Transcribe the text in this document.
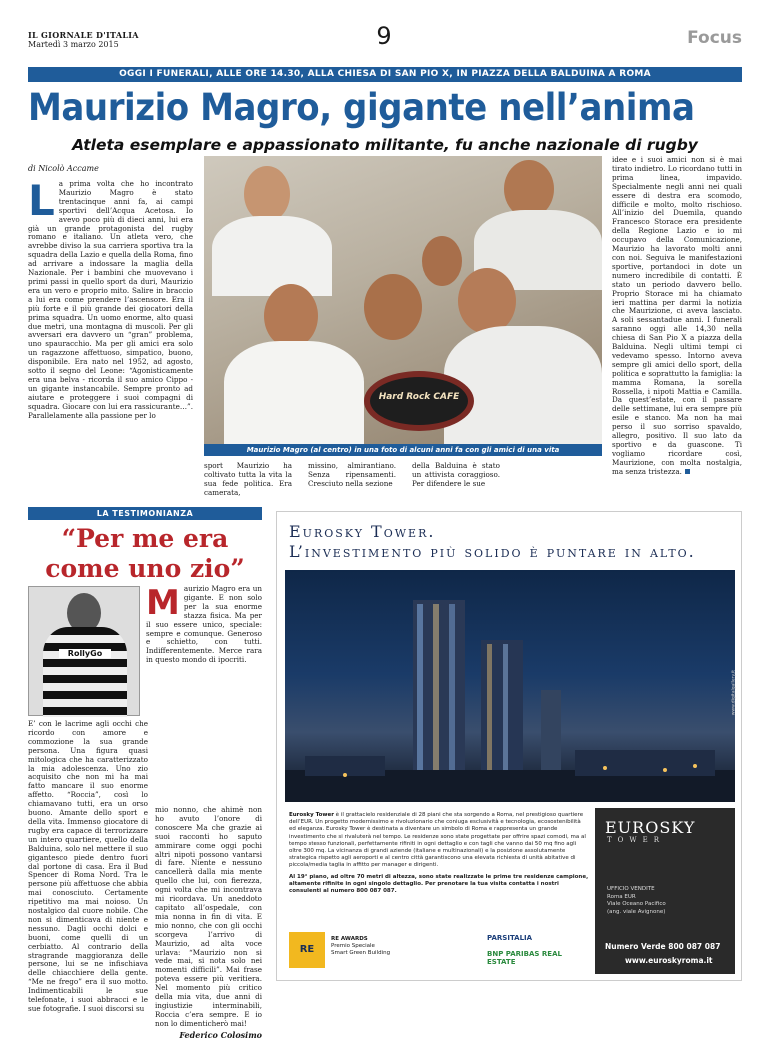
IL GIORNALE D'ITALIA
Martedì 3 marzo 2015	9	Focus
OGGI I FUNERALI, ALLE ORE 14.30, ALLA CHIESA DI SAN PIO X, IN PIAZZA DELLA BALDUINA A ROMA
Maurizio Magro, gigante nell’anima
Atleta esemplare e appassionato militante, fu anche nazionale di rugby
di Nicolò Accame
L a prima volta che ho incontrato Maurizio Magro è stato trentacinque anni fa, ai campi sportivi dell’Acqua Acetosa. Io avevo poco più di dieci anni, lui era già un grande protagonista del rugby romano e italiano. Un atleta vero, che avrebbe diviso la sua carriera sportiva tra la squadra della Lazio e quella della Roma, fino ad arrivare a indossare la maglia della Nazionale. Per i bambini che muovevano i primi passi in quello sport da duri, Maurizio era un vero e proprio mito. Salire in braccio a lui era come prendere l’ascensore. Era il più forte e il più grande dei giocatori della prima squadra. Un uomo enorme, alto quasi due metri, una montagna di muscoli. Per gli avversari era davvero un “gran” problema, uno spauracchio. Ma per gli amici era solo un ragazzone affettuoso, simpatico, buono, disponibile. Era nato nel 1952, ad agosto, sotto il segno del Leone: “Agonisticamente era una belva - ricorda il suo amico Cippo - un gigante instancabile. Sempre pronto ad aiutare e proteggere i suoi compagni di squadra. Giocare con lui era rassicurante…”. Parallelamente alla passione per lo
Hard Rock CAFE
Maurizio Magro (al centro) in una foto di alcuni anni fa con gli amici di una vita
sport Maurizio ha coltivato tutta la vita la sua fede politica. Era camerata,
missino, almirantiano. Senza ripensamenti. Cresciuto nella sezione
della Balduina è stato un attivista coraggioso. Per difendere le sue
idee e i suoi amici non si è mai tirato indietro. Lo ricordano tutti in prima linea, impavido. Specialmente negli anni nei quali essere di destra era scomodo, difficile e molto, molto rischioso. All’inizio del Duemila, quando Francesco Storace era presidente della Regione Lazio e io mi occupavo della Comunicazione, Maurizio ha lavorato molti anni con noi. Seguiva le manifestazioni sportive, portandoci in dote un numero incredibile di contatti. È stato un periodo davvero bello. Proprio Storace mi ha chiamato ieri mattina per darmi la notizia che Maurizione, ci aveva lasciato. A soli sessantadue anni. I funerali saranno oggi alle 14,30 nella chiesa di San Pio X a piazza della Balduina. Negli ultimi tempi ci vedevamo spesso. Intorno aveva sempre gli amici dello sport, della politica e soprattutto la famiglia: la mamma Romana, la sorella Rossella, i nipoti Mattia e Camilla. Da quest’estate, con il passare delle settimane, lui era sempre più esile e stanco. Ma non ha mai perso il suo sorriso spavaldo, allegro, positivo. Il suo lato da sportivo e da guascone. Ti vogliamo ricordare così, Maurizione, con molta nostalgia, ma senza tristezza.
LA TESTIMONIANZA
“Per me era come uno zio”
RollyGo
M aurizio Magro era un gigante. E non solo per la sua enorme stazza fisica. Ma per il suo essere unico, speciale: sempre e comunque. Generoso e schietto, con tutti. Indifferentemente. Merce rara in questo mondo di ipocriti.
E’ con le lacrime agli occhi che ricordo con amore e commozione la sua grande persona. Una figura quasi mitologica che ha caratterizzato la mia adolescenza. Uno zio acquisito che non mi ha mai fatto mancare il suo enorme affetto. “Roccia”, così lo chiamavano tutti, era un orso buono. Amante dello sport e della vita. Immenso giocatore di rugby era capace di terrorizzare un intero quartiere, quello della Balduina, solo nel mettere il suo gigantesco piede dentro fuori dal portone di casa. Era il Bud Spencer di Roma Nord. Tra le persone più affettuose che abbia mai conosciuto. Certamente ripetitivo ma mai noioso. Un nostalgico dal cuore nobile. Che non si dimenticava di niente e nessuno. Dagli occhi dolci e buoni, come quelli di un cerbiatto. Al contrario della stragrande maggioranza delle persone, lui se ne infischiava delle chiacchiere della gente. “Me ne frego” era il suo motto. Indimenticabili le sue telefonate, i suoi abbracci e le sue fotografie. I suoi discorsi su
mio nonno, che ahimè non ho avuto l’onore di conoscere Ma che grazie ai suoi racconti ho saputo ammirare come oggi pochi altri nipoti possono vantarsi di fare. Niente e nessuno cancellerà dalla mia mente quello che lui, con fierezza, ogni volta che mi incontrava mi ricordava. Un aneddoto capitato all’ospedale, con mia nonna in fin di vita. E mio nonno, che con gli occhi scorgeva l’arrivo di Maurizio, ad alta voce urlava: “Maurizio non si vede mai, si nota solo nei momenti difficili”. Mai frase poteva essere più veritiera. Nel momento più critico della mia vita, due anni di ingiustizie interminabili, Roccia c’era sempre. E io non lo dimenticherò mai!
Federico Colosimo
Eurosky Tower.
L’investimento più solido è puntare in alto.
www.digitalgallery.it
Eurosky Tower è il grattacielo residenziale di 28 piani che sta sorgendo a Roma, nel prestigioso quartiere dell’EUR. Un progetto modernissimo e rivoluzionario che coniuga esclusività e tecnologia, ecosostenibilità ed eleganza. Eurosky Tower è destinata a diventare un simbolo di Roma e rappresenta un grande investimento che si rivaluterà nel tempo. Le residenze sono state progettate per offrire spazi comodi, ma al tempo stesso funzionali, perfettamente rifiniti in ogni dettaglio e con tagli che vanno dai 50 mq fino agli oltre 300 mq. La vicinanza di grandi aziende (italiane e multinazionali) e la posizione assolutamente strategica rispetto agli aeroporti e al centro città garantiscono una elevata richiesta di unità abitative di piccola/media taglia in affitto per manager e dirigenti.
Al 19° piano, ad oltre 70 metri di altezza, sono state realizzate le prime tre residenze campione, altamente rifinite in ogni singolo dettaglio. Per prenotare la tua visita contatta i nostri consulenti al numero 800 087 087.
EUROSKY
TOWER
UFFICIO VENDITE
Roma EUR
Viale Oceano Pacifico
(ang. viale Avignone)
Numero Verde 800 087 087
www.euroskyroma.it
RE
RE AWARDS
Premio Speciale
Smart Green Building
PARSITALIA
BNP PARIBAS REAL ESTATE
